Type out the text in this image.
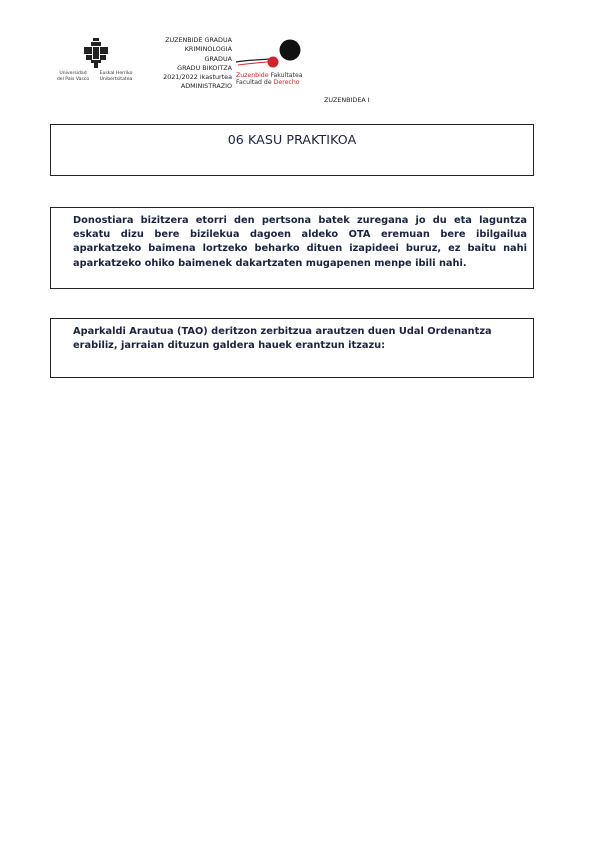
Universidad
del País Vasco
Euskal Herriko
Unibertsitatea
ZUZENBIDE GRADUA
KRIMINOLOGIA
GRADUA
GRADU BIKOITZA
2021/2022 ikasturtea
ADMINISTRAZIO
Zuzenbide Fakultatea
Facultad de Derecho
ZUZENBIDEA I
06 KASU PRAKTIKOA
Donostiara bizitzera etorri den pertsona batek zuregana jo du eta laguntza eskatu dizu bere bizilekua dagoen aldeko OTA eremuan bere ibilgailua aparkatzeko baimena lortzeko beharko dituen izapideei buruz, ez baitu nahi aparkatzeko ohiko baimenek dakartzaten mugapenen menpe ibili nahi.
Aparkaldi Arautua (TAO) deritzon zerbitzua arautzen duen Udal Ordenantza erabiliz, jarraian dituzun galdera hauek erantzun itzazu:
